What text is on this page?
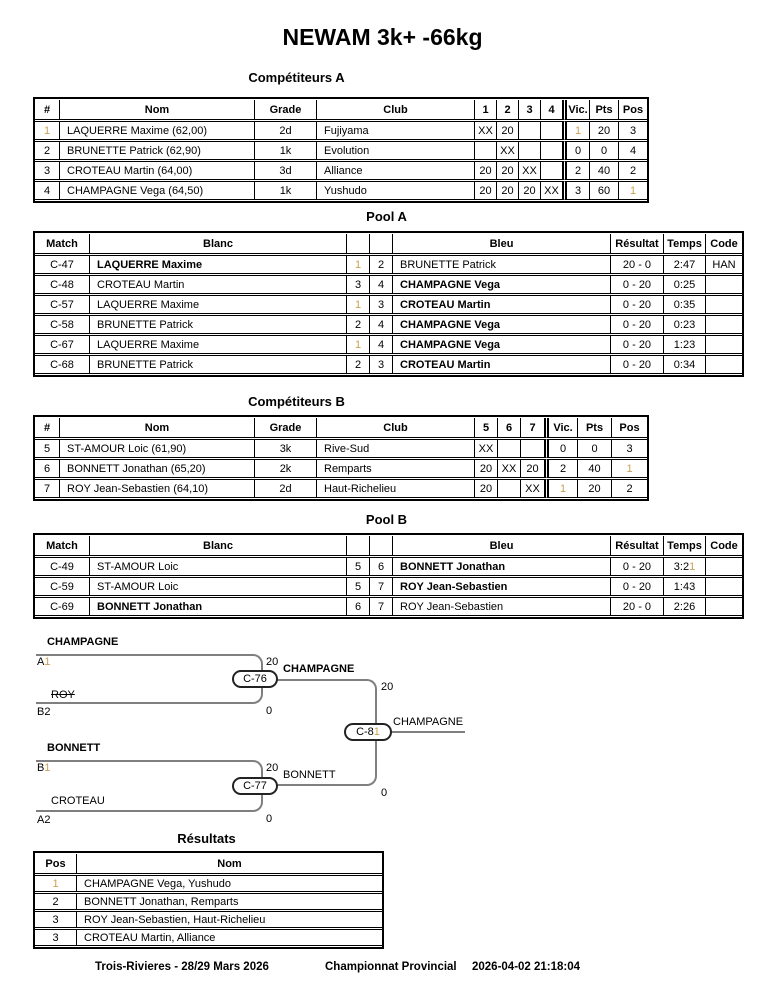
NEWAM 3k+ -66kg
Compétiteurs A
#	Nom	Grade	Club	1	2	3	4	Vic.	Pts	Pos
1	LAQUERRE Maxime (62,00)	2d	Fujiyama	XX	20			1	20	3
2	BRUNETTE Patrick (62,90)	1k	Evolution		XX			0	0	4
3	CROTEAU Martin (64,00)	3d	Alliance	20	20	XX		2	40	2
4	CHAMPAGNE Vega (64,50)	1k	Yushudo	20	20	20	XX	3	60	1
Pool A
Match	Blanc			Bleu	Résultat	Temps	Code
C-47	LAQUERRE Maxime	1	2	BRUNETTE Patrick	20 - 0	2:47	HAN
C-48	CROTEAU Martin	3	4	CHAMPAGNE Vega	0 - 20	0:25	
C-57	LAQUERRE Maxime	1	3	CROTEAU Martin	0 - 20	0:35	
C-58	BRUNETTE Patrick	2	4	CHAMPAGNE Vega	0 - 20	0:23	
C-67	LAQUERRE Maxime	1	4	CHAMPAGNE Vega	0 - 20	1:23	
C-68	BRUNETTE Patrick	2	3	CROTEAU Martin	0 - 20	0:34	
Compétiteurs B
#	Nom	Grade	Club	5	6	7	Vic.	Pts	Pos
5	ST-AMOUR Loic (61,90)	3k	Rive-Sud	XX			0	0	3
6	BONNETT Jonathan (65,20)	2k	Remparts	20	XX	20	2	40	1
7	ROY Jean-Sebastien (64,10)	2d	Haut-Richelieu	20		XX	1	20	2
Pool B
Match	Blanc			Bleu	Résultat	Temps	Code
C-49	ST-AMOUR Loic	5	6	BONNETT Jonathan	0 - 20	3:21	
C-59	ST-AMOUR Loic	5	7	ROY Jean-Sebastien	0 - 20	1:43	
C-69	BONNETT Jonathan	6	7	ROY Jean-Sebastien	20 - 0	2:26	
CHAMPAGNE
A1	20
ROY
B2	0
BONNETT
B1	20
CROTEAU
A2	0
C-76
CHAMPAGNE
20
C-77
BONNETT
0
C-81
CHAMPAGNE
Résultats
Pos	Nom
1	CHAMPAGNE Vega, Yushudo
2	BONNETT Jonathan, Remparts
3	ROY Jean-Sebastien, Haut-Richelieu
3	CROTEAU Martin, Alliance
Trois-Rivieres - 28/29 Mars 2026	Championnat Provincial 2026-04-02 21:18:04
